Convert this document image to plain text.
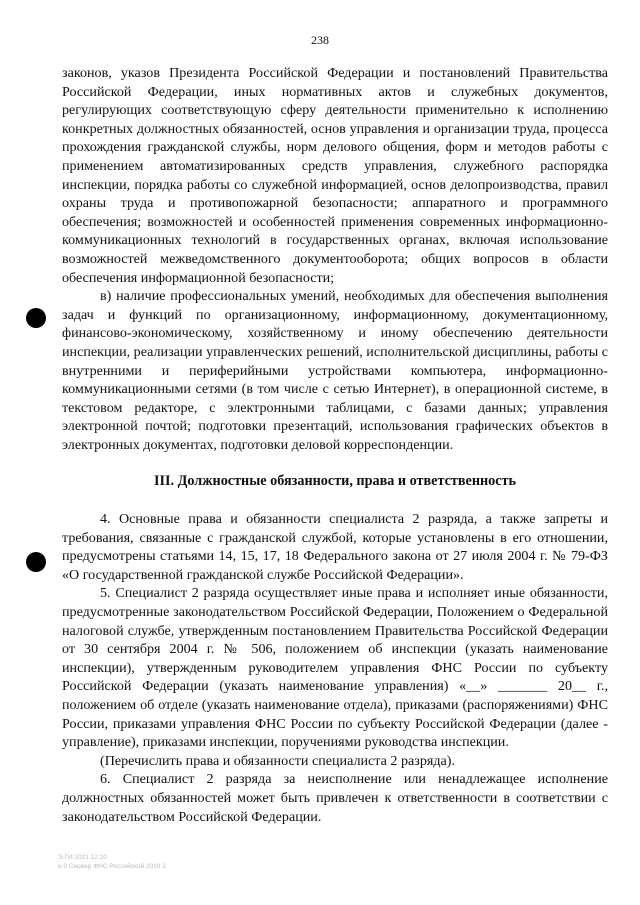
238

законов, указов Президента Российской Федерации и постановлений Правительства Российской Федерации, иных нормативных актов и служебных документов, регулирующих соответствующую сферу деятельности применительно к исполнению конкретных должностных обязанностей, основ управления и организации труда, процесса прохождения гражданской службы, норм делового общения, форм и методов работы с применением автоматизированных средств управления, служебного распорядка инспекции, порядка работы со служебной информацией, основ делопроизводства, правил охраны труда и противопожарной безопасности; аппаратного и программного обеспечения; возможностей и особенностей применения современных информационно-коммуникационных технологий в государственных органах, включая использование возможностей межведомственного документооборота; общих вопросов в области обеспечения информационной безопасности;

в) наличие профессиональных умений, необходимых для обеспечения выполнения задач и функций по организационному, информационному, документационному, финансово-экономическому, хозяйственному и иному обеспечению деятельности инспекции, реализации управленческих решений, исполнительской дисциплины, работы с внутренними и периферийными устройствами компьютера, информационно-коммуникационными сетями (в том числе с сетью Интернет), в операционной системе, в текстовом редакторе, с электронными таблицами, с базами данных; управления электронной почтой; подготовки презентаций, использования графических объектов в электронных документах, подготовки деловой корреспонденции.

III. Должностные обязанности, права и ответственность

4. Основные права и обязанности специалиста 2 разряда, а также запреты и требования, связанные с гражданской службой, которые установлены в его отношении, предусмотрены статьями 14, 15, 17, 18 Федерального закона от 27 июля 2004 г. № 79-ФЗ «О государственной гражданской службе Российской Федерации».

5. Специалист 2 разряда осуществляет иные права и исполняет иные обязанности, предусмотренные законодательством Российской Федерации, Положением о Федеральной налоговой службе, утвержденным постановлением Правительства Российской Федерации от 30 сентября 2004 г. № 506, положением об инспекции (указать наименование инспекции), утвержденным руководителем управления ФНС России по субъекту Российской Федерации (указать наименование управления) «__» _______ 20__ г., положением об отделе (указать наименование отдела), приказами (распоряжениями) ФНС России, приказами управления ФНС России по субъекту Российской Федерации (далее - управление), приказами инспекции, поручениями руководства инспекции.

(Перечислить права и обязанности специалиста 2 разряда).

6. Специалист 2 разряда за неисполнение или ненадлежащее исполнение должностных обязанностей может быть привлечен к ответственности в соответствии с законодательством Российской Федерации.

Э.ГИ 2021 12:20
и.9.Сервер ФНС Российской 2019 2
